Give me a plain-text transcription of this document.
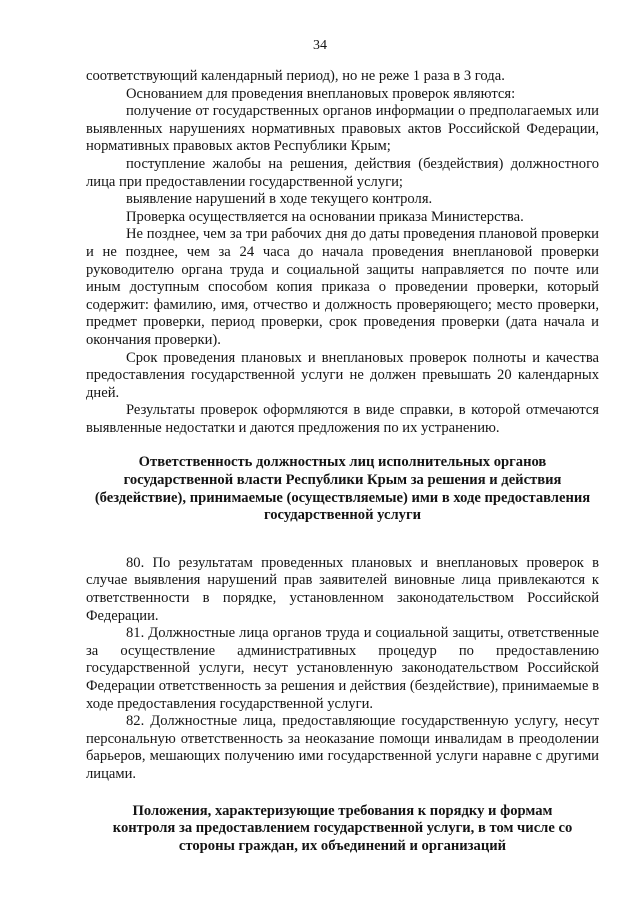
34

соответствующий календарный период), но не реже 1 раза в 3 года.

Основанием для проведения внеплановых проверок являются:

получение от государственных органов информации о предполагаемых или выявленных нарушениях нормативных правовых актов Российской Федерации, нормативных правовых актов Республики Крым;

поступление жалобы на решения, действия (бездействия) должностного лица при предоставлении государственной услуги;

выявление нарушений в ходе текущего контроля.

Проверка осуществляется на основании приказа Министерства.

Не позднее, чем за три рабочих дня до даты проведения плановой проверки и не позднее, чем за 24 часа до начала проведения внеплановой проверки руководителю органа труда и социальной защиты направляется по почте или иным доступным способом копия приказа о проведении проверки, который содержит: фамилию, имя, отчество и должность проверяющего; место проверки, предмет проверки, период проверки, срок проведения проверки (дата начала и окончания проверки).

Срок проведения плановых и внеплановых проверок полноты и качества предоставления государственной услуги не должен превышать 20 календарных дней.

Результаты проверок оформляются в виде справки, в которой отмечаются выявленные недостатки и даются предложения по их устранению.

Ответственность должностных лиц исполнительных органов
государственной власти Республики Крым за решения и действия
(бездействие), принимаемые (осуществляемые) ими в ходе предоставления
государственной услуги

80. По результатам проведенных плановых и внеплановых проверок в случае выявления нарушений прав заявителей виновные лица привлекаются к ответственности в порядке, установленном законодательством Российской Федерации.

81. Должностные лица органов труда и социальной защиты, ответственные за осуществление административных процедур по предоставлению государственной услуги, несут установленную законодательством Российской Федерации ответственность за решения и действия (бездействие), принимаемые в ходе предоставления государственной услуги.

82. Должностные лица, предоставляющие государственную услугу, несут персональную ответственность за неоказание помощи инвалидам в преодолении барьеров, мешающих получению ими государственной услуги наравне с другими лицами.

Положения, характеризующие требования к порядку и формам
контроля за предоставлением государственной услуги, в том числе со
стороны граждан, их объединений и организаций
